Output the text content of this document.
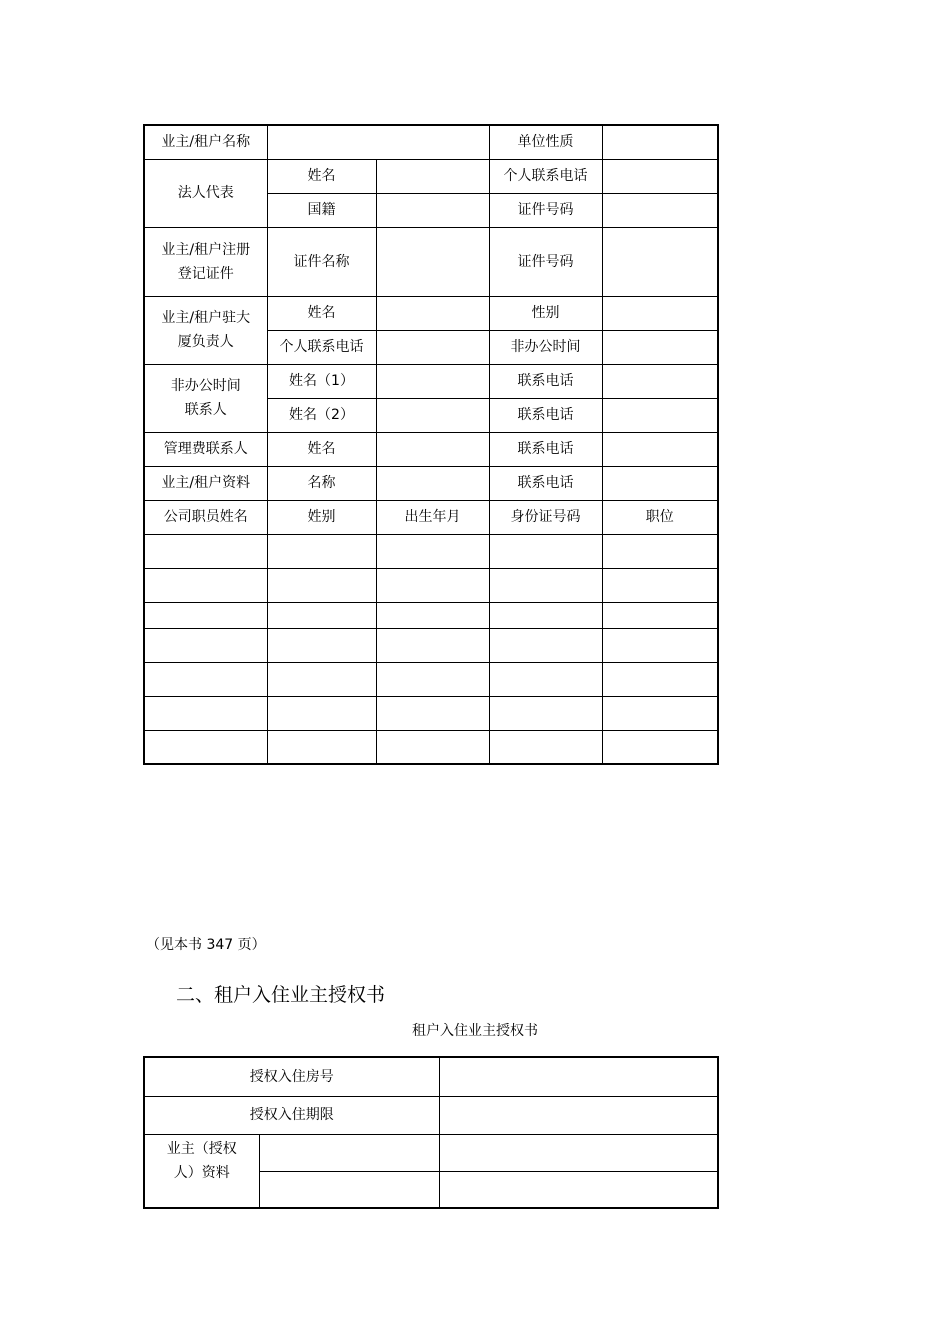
业主/租户名称			单位性质	
法人代表	姓名		个人联系电话	
	国籍		证件号码	

业主/租户注册
登记证件	证件名称		证件号码	

业主/租户驻大
厦负责人	姓名		性别	
	个人联系电话		非办公时间	

非办公时间
联系人	姓名（1）		联系电话	
	姓名（2）		联系电话	
管理费联系人	姓名		联系电话	
业主/租户资料	名称		联系电话	
公司职员姓名	姓别	出生年月	身份证号码	职位

（见本书 347 页）
二、租户入住业主授权书
租户入住业主授权书
授权入住房号		
授权入住期限		

业主（授权
人）资料		
